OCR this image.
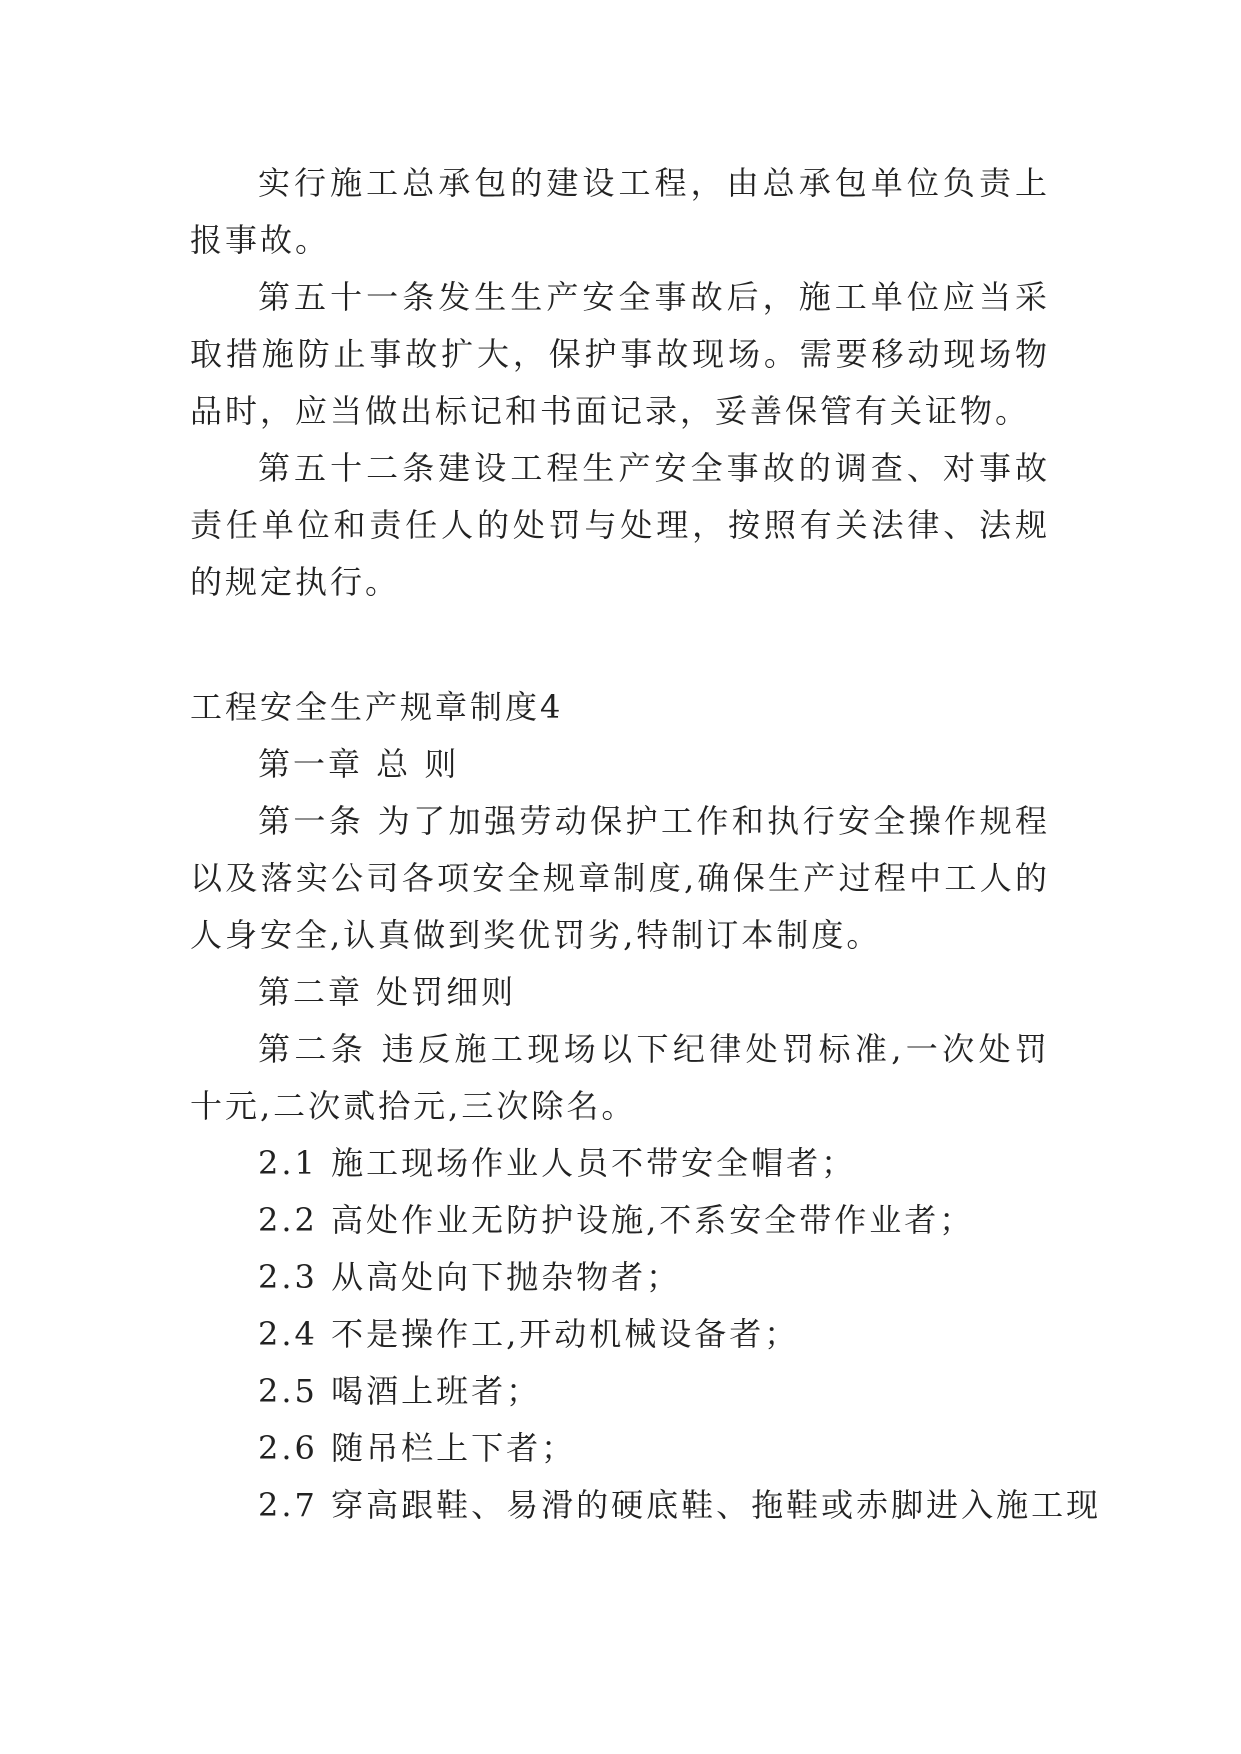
实行施工总承包的建设工程，由总承包单位负责上报事故。

第五十一条发生生产安全事故后，施工单位应当采取措施防止事故扩大，保护事故现场。需要移动现场物品时，应当做出标记和书面记录，妥善保管有关证物。

第五十二条建设工程生产安全事故的调查、对事故责任单位和责任人的处罚与处理，按照有关法律、法规的规定执行。

工程安全生产规章制度4

第一章 总 则

第一条 为了加强劳动保护工作和执行安全操作规程以及落实公司各项安全规章制度,确保生产过程中工人的人身安全,认真做到奖优罚劣,特制订本制度。

第二章 处罚细则

第二条 违反施工现场以下纪律处罚标准,一次处罚十元,二次贰拾元,三次除名。

2.1 施工现场作业人员不带安全帽者；

2.2 高处作业无防护设施,不系安全带作业者；

2.3 从高处向下抛杂物者；

2.4 不是操作工,开动机械设备者；

2.5 喝酒上班者；

2.6 随吊栏上下者；

2.7 穿高跟鞋、易滑的硬底鞋、拖鞋或赤脚进入施工现
